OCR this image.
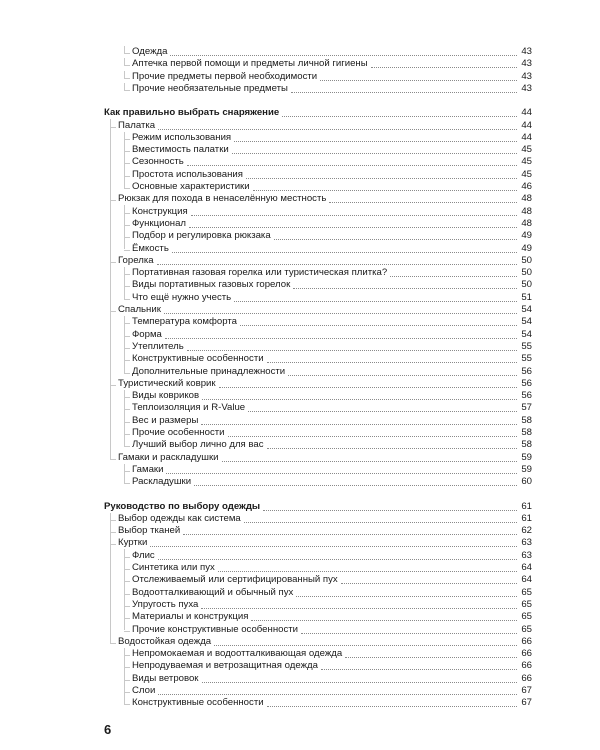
Одежда	43
Аптечка первой помощи и предметы личной гигиены	43
Прочие предметы первой необходимости	43
Прочие необязательные предметы	43
Как правильно выбрать снаряжение	44
Палатка	44
Режим использования	44
Вместимость палатки	45
Сезонность	45
Простота использования	45
Основные характеристики	46
Рюкзак для похода в ненаселённую местность	48
Конструкция	48
Функционал	48
Подбор и регулировка рюкзака	49
Ёмкость	49
Горелка	50
Портативная газовая горелка или туристическая плитка?	50
Виды портативных газовых горелок	50
Что ещё нужно учесть	51
Спальник	54
Температура комфорта	54
Форма	54
Утеплитель	55
Конструктивные особенности	55
Дополнительные принадлежности	56
Туристический коврик	56
Виды ковриков	56
Теплоизоляция и R-Value	57
Вес и размеры	58
Прочие особенности	58
Лучший выбор лично для вас	58
Гамаки и раскладушки	59
Гамаки	59
Раскладушки	60
Руководство по выбору одежды	61
Выбор одежды как система	61
Выбор тканей	62
Куртки	63
Флис	63
Синтетика или пух	64
Отслеживаемый или сертифицированный пух	64
Водоотталкивающий и обычный пух	65
Упругость пуха	65
Материалы и конструкция	65
Прочие конструктивные особенности	65
Водостойкая одежда	66
Непромокаемая и водоотталкивающая одежда	66
Непродуваемая и ветрозащитная одежда	66
Виды ветровок	66
Слои	67
Конструктивные особенности	67
6
